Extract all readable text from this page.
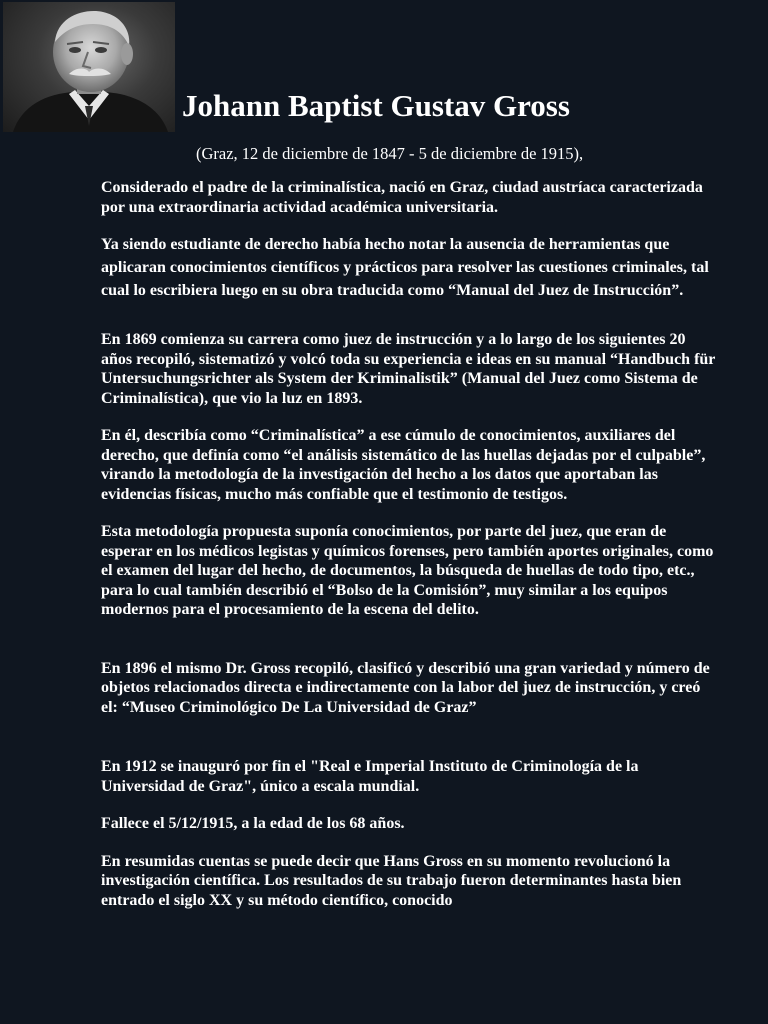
Johann Baptist Gustav Gross

(Graz, 12 de diciembre de 1847 - 5 de diciembre de 1915),

Considerado el padre de la criminalística, nació en Graz, ciudad austríaca caracterizada por una extraordinaria actividad académica universitaria.

Ya siendo estudiante de derecho había hecho notar la ausencia de herramientas que aplicaran conocimientos científicos y prácticos para resolver las cuestiones criminales, tal cual lo escribiera luego en su obra traducida como “Manual del Juez de Instrucción”.

En 1869 comienza su carrera como juez de instrucción y a lo largo de los siguientes 20 años recopiló, sistematizó y volcó toda su experiencia e ideas en su manual “Handbuch für Untersuchungsrichter als System der Kriminalistik” (Manual del Juez como Sistema de Criminalística), que vio la luz en 1893.

En él, describía como “Criminalística” a ese cúmulo de conocimientos, auxiliares del derecho, que definía como “el análisis sistemático de las huellas dejadas por el culpable”, virando la metodología de la investigación del hecho a los datos que aportaban las evidencias físicas, mucho más confiable que el testimonio de testigos.

Esta metodología propuesta suponía conocimientos, por parte del juez, que eran de esperar en los médicos legistas y químicos forenses, pero también aportes originales, como el examen del lugar del hecho, de documentos, la búsqueda de huellas de todo tipo, etc., para lo cual también describió el “Bolso de la Comisión”, muy similar a los equipos modernos para el procesamiento de la escena del delito.

En 1896 el mismo Dr. Gross recopiló, clasificó y describió una gran variedad y número de objetos relacionados directa e indirectamente con la labor del juez de instrucción, y creó el: “Museo Criminológico De La Universidad de Graz”

En 1912 se inauguró por fin el "Real e Imperial Instituto de Criminología de la Universidad de Graz", único a escala mundial.

Fallece el 5/12/1915, a la edad de los 68 años.

En resumidas cuentas se puede decir que Hans Gross en su momento revolucionó la investigación científica. Los resultados de su trabajo fueron determinantes hasta bien entrado el siglo XX y su método científico, conocido
